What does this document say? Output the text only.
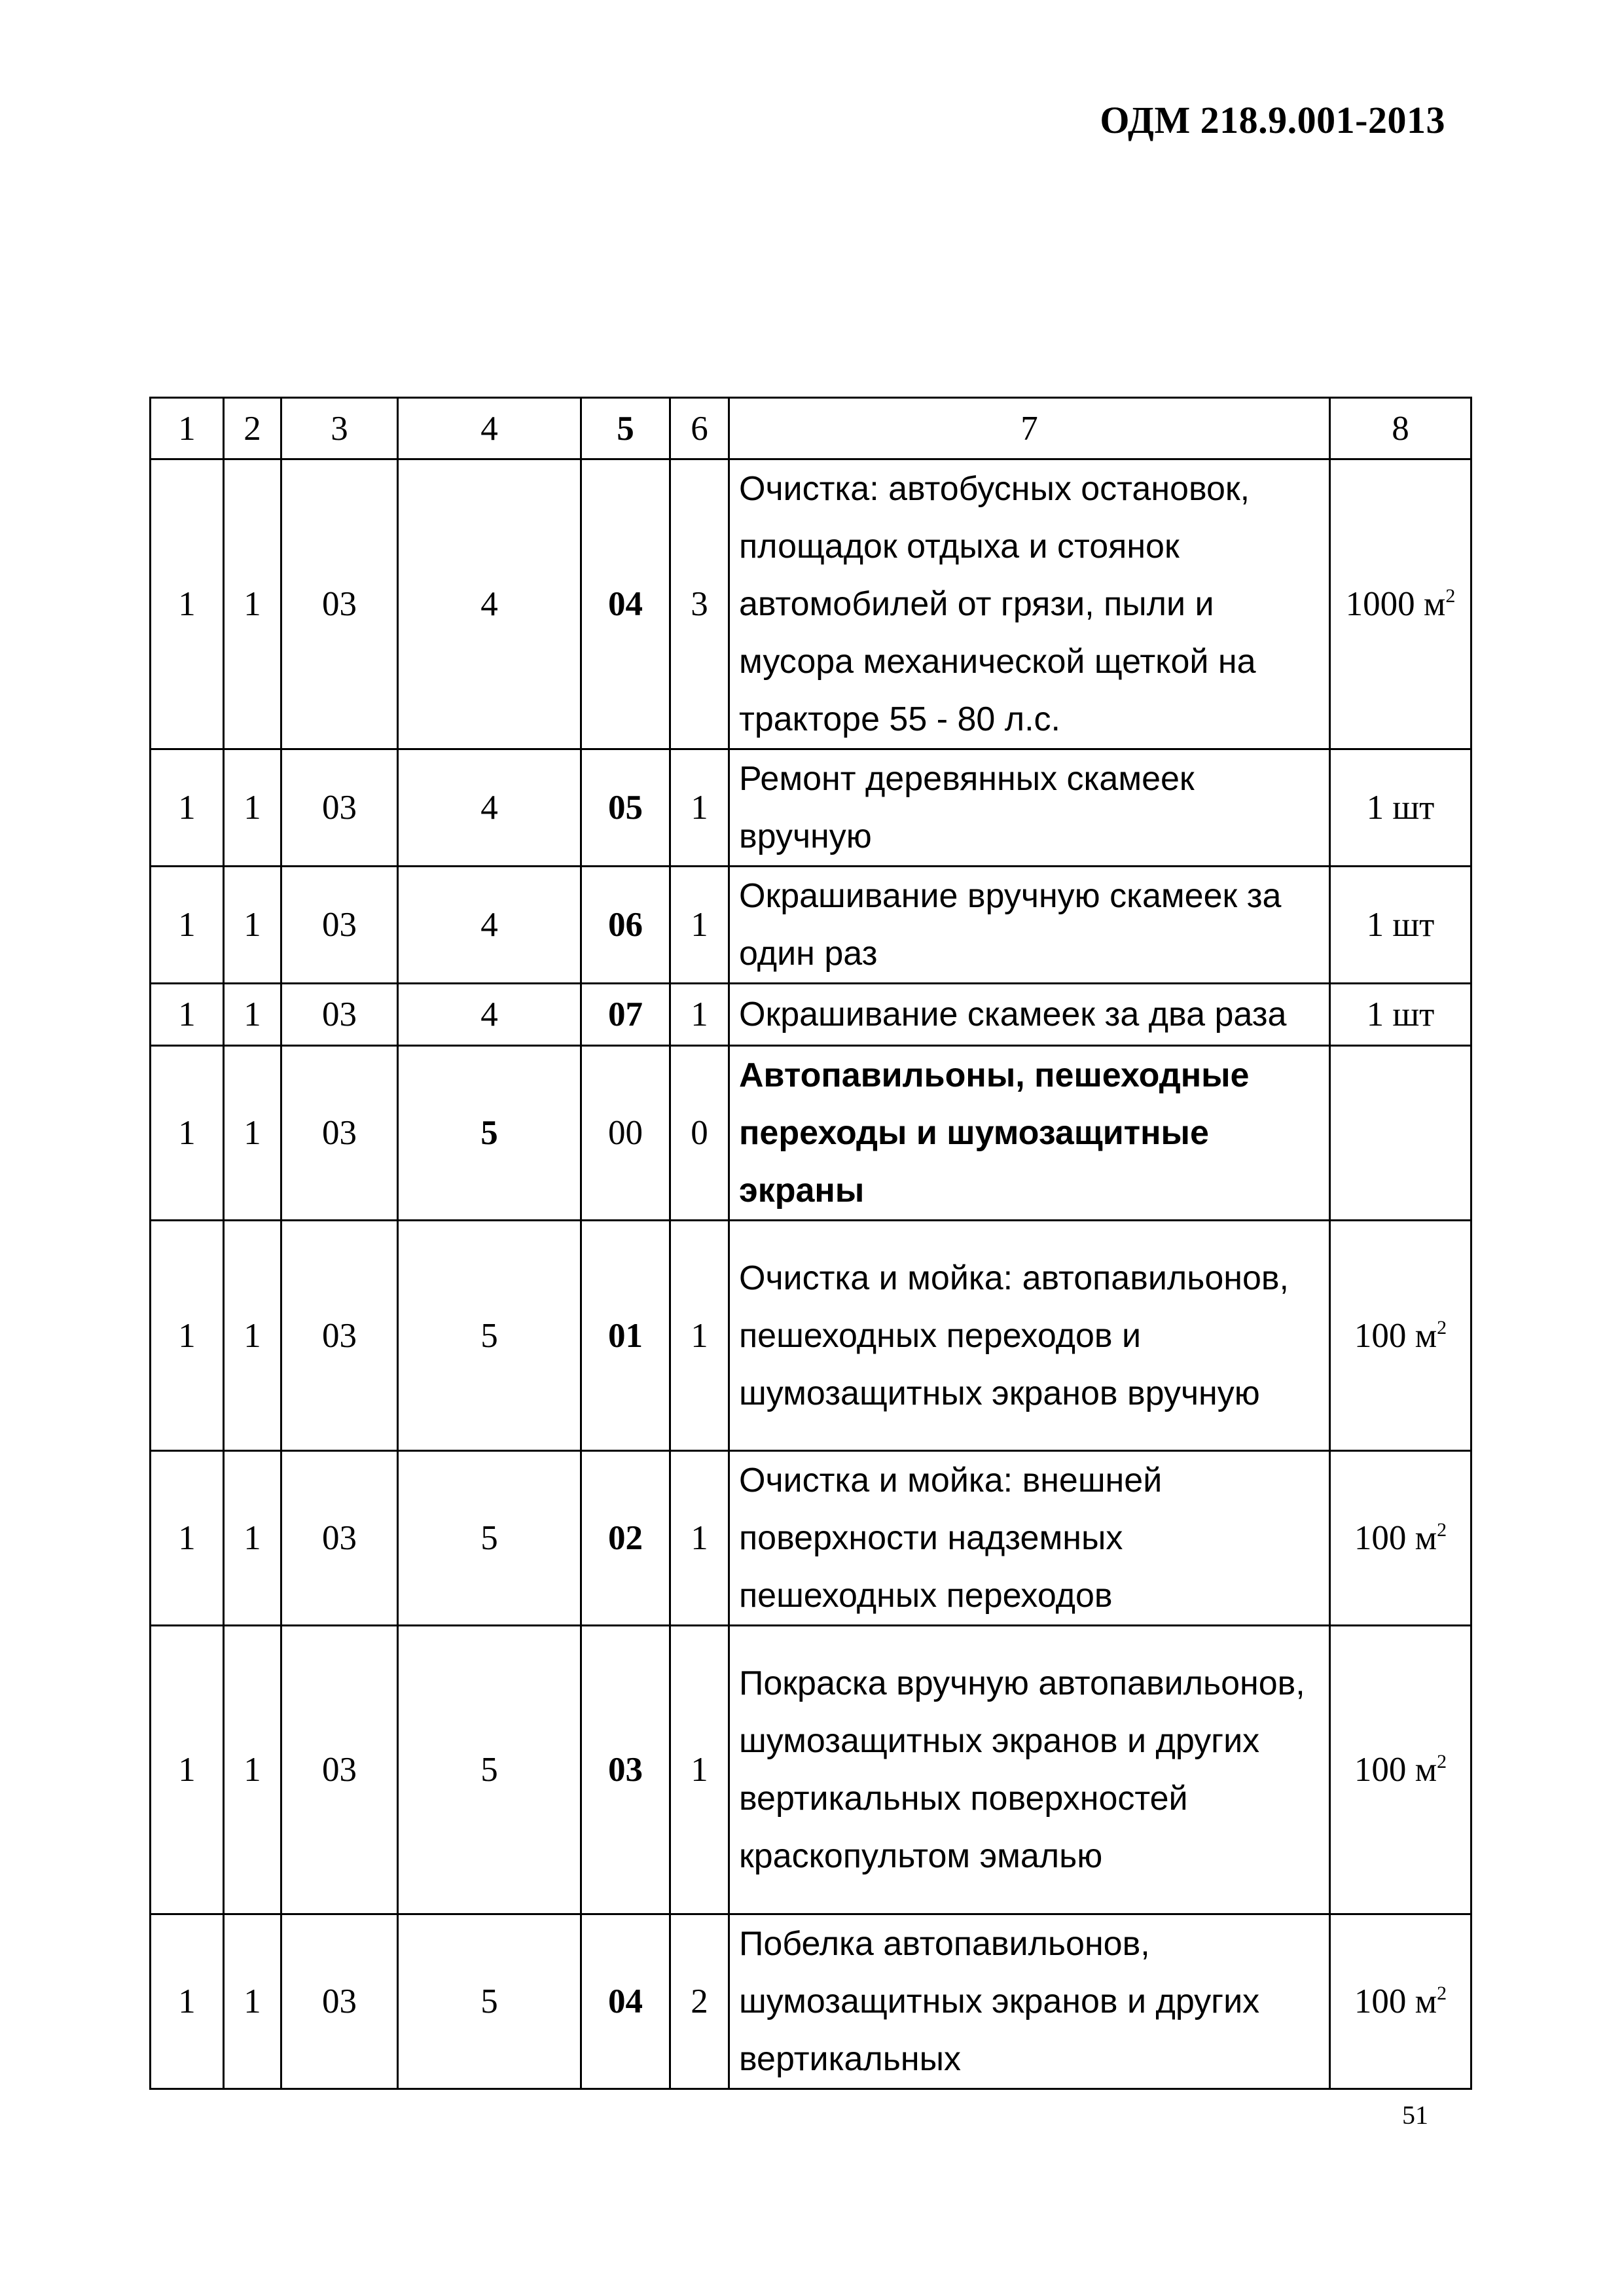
ОДМ 218.9.001-2013
1	2	3	4	5	6	7	8
1	1	03	4	04	3	Очистка: автобусных остановок, площадок отдыха и стоянок автомобилей от грязи, пыли и мусора механической щеткой на тракторе 55 - 80 л.с.	1000 $м^2$
1	1	03	4	05	1	Ремонт деревянных скамеек вручную	1 шт
1	1	03	4	06	1	Окрашивание вручную скамеек за один раз	1 шт
1	1	03	4	07	1	Окрашивание скамеек за два раза	1 шт
1	1	03	5	00	0	Автопавильоны, пешеходные переходы и шумозащитные экраны	
1	1	03	5	01	1	Очистка и мойка: автопавильонов, пешеходных переходов и шумозащитных экранов вручную	100 $м^2$
1	1	03	5	02	1	Очистка и мойка: внешней поверхности надземных пешеходных переходов	100 $м^2$
1	1	03	5	03	1	Покраска вручную автопавильонов, шумозащитных экранов и других вертикальных поверхностей краскопультом эмалью	100 $м^2$
1	1	03	5	04	2	Побелка автопавильонов, шумозащитных экранов и других вертикальных	100 $м^2$
51
